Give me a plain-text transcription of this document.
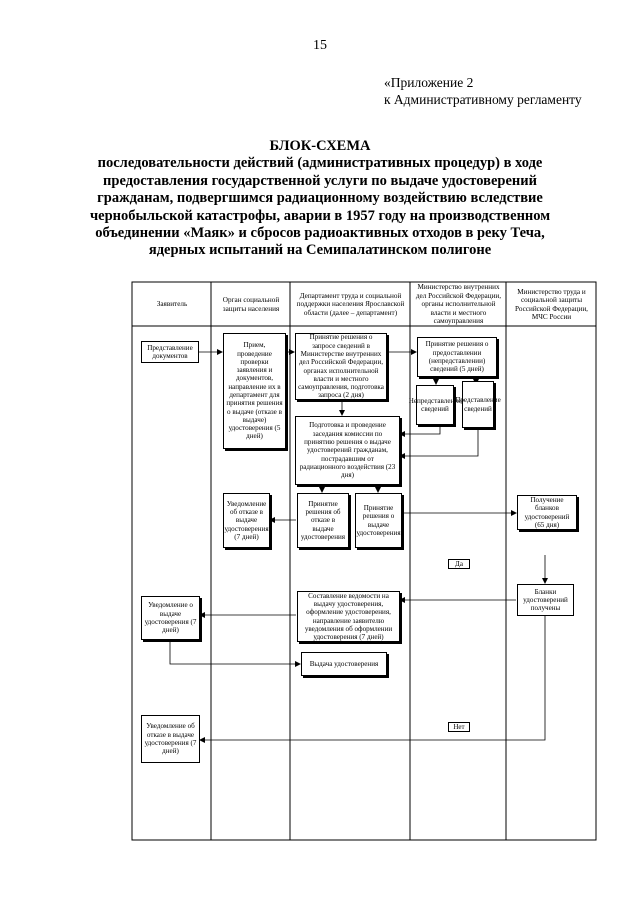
15
«Приложение 2
к Административному регламенту
БЛОК-СХЕМА
последовательности действий (административных процедур) в ходе
предоставления государственной услуги по выдаче удостоверений
гражданам, подвергшимся радиационному воздействию вследствие
чернобыльской катастрофы, аварии в 1957 году на производственном
объединении «Маяк» и сбросов радиоактивных отходов в реку Теча,
ядерных испытаний на Семипалатинском полигоне
Заявитель
Орган социальной защиты населения
Департамент труда и социальной поддержки населения Ярославской области (далее – департамент)
Министерство внутренних дел Российской Федерации, органы исполнительной власти и местного самоуправления
Министерство труда и социальной защиты Российской Федерации, МЧС России
Представление документов
Прием, проведение проверки заявления и документов, направление их в департамент для принятия решения о выдаче (отказе в выдаче) удостоверения (5 дней)
Принятие решения о запросе сведений в Министерстве внутренних дел Российской Федерации, органах исполнительной власти и местного самоуправления, подготовка запроса (2 дня)
Принятие решения о предоставлении (непредставлении) сведений (5 дней)
Непредставление сведений
Представление сведений
Подготовка и проведение заседания комиссии по принятию решения о выдаче удостоверений гражданам, пострадавшим от радиационного воздействия (23 дня)
Уведомление об отказе в выдаче удостоверения (7 дней)
Принятие решения об отказе в выдаче удостоверения
Принятие решения о выдаче удостоверения
Получение бланков удостоверений (65 дня)
Уведомление о выдаче удостоверения (7 дней)
Составление ведомости на выдачу удостоверения, оформление удостоверения, направление заявителю уведомления об оформлении удостоверения (7 дней)
Бланки удостоверений получены
Выдача удостоверения
Уведомление об отказе в выдаче удостоверения (7 дней)
Да
Нет
